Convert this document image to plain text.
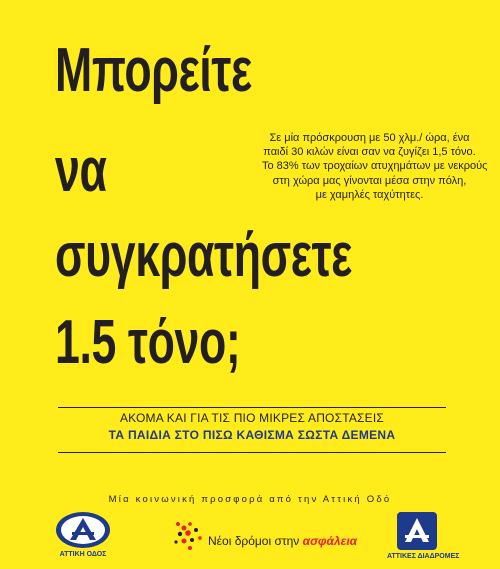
Μπορείτε
να
συγκρατήσετε
1.5 τόνο;
Σε μία πρόσκρουση με 50 χλμ./ ώρα, ένα
παιδί 30 κιλών είναι σαν να ζυγίζει 1,5 τόνο.
Το 83% των τροχαίων ατυχημάτων με νεκρούς
στη χώρα μας γίνονται μέσα στην πόλη,
με χαμηλές ταχύτητες.
ΑΚΟΜΑ ΚΑΙ ΓΙΑ ΤΙΣ ΠΙΟ ΜΙΚΡΕΣ ΑΠΟΣΤΑΣΕΙΣ
ΤΑ ΠΑΙΔΙΑ ΣΤΟ ΠΙΣΩ ΚΑΘΙΣΜΑ ΣΩΣΤΑ ΔΕΜΕΝΑ
Μία κοινωνική προσφορά από την Αττική Οδό
ΑΤΤΙΚΗ ΟΔΟΣ
Νέοι δρόμοι στην ασφάλεια
ΑΤΤΙΚΕΣ ΔΙΑΔΡΟΜΕΣ
